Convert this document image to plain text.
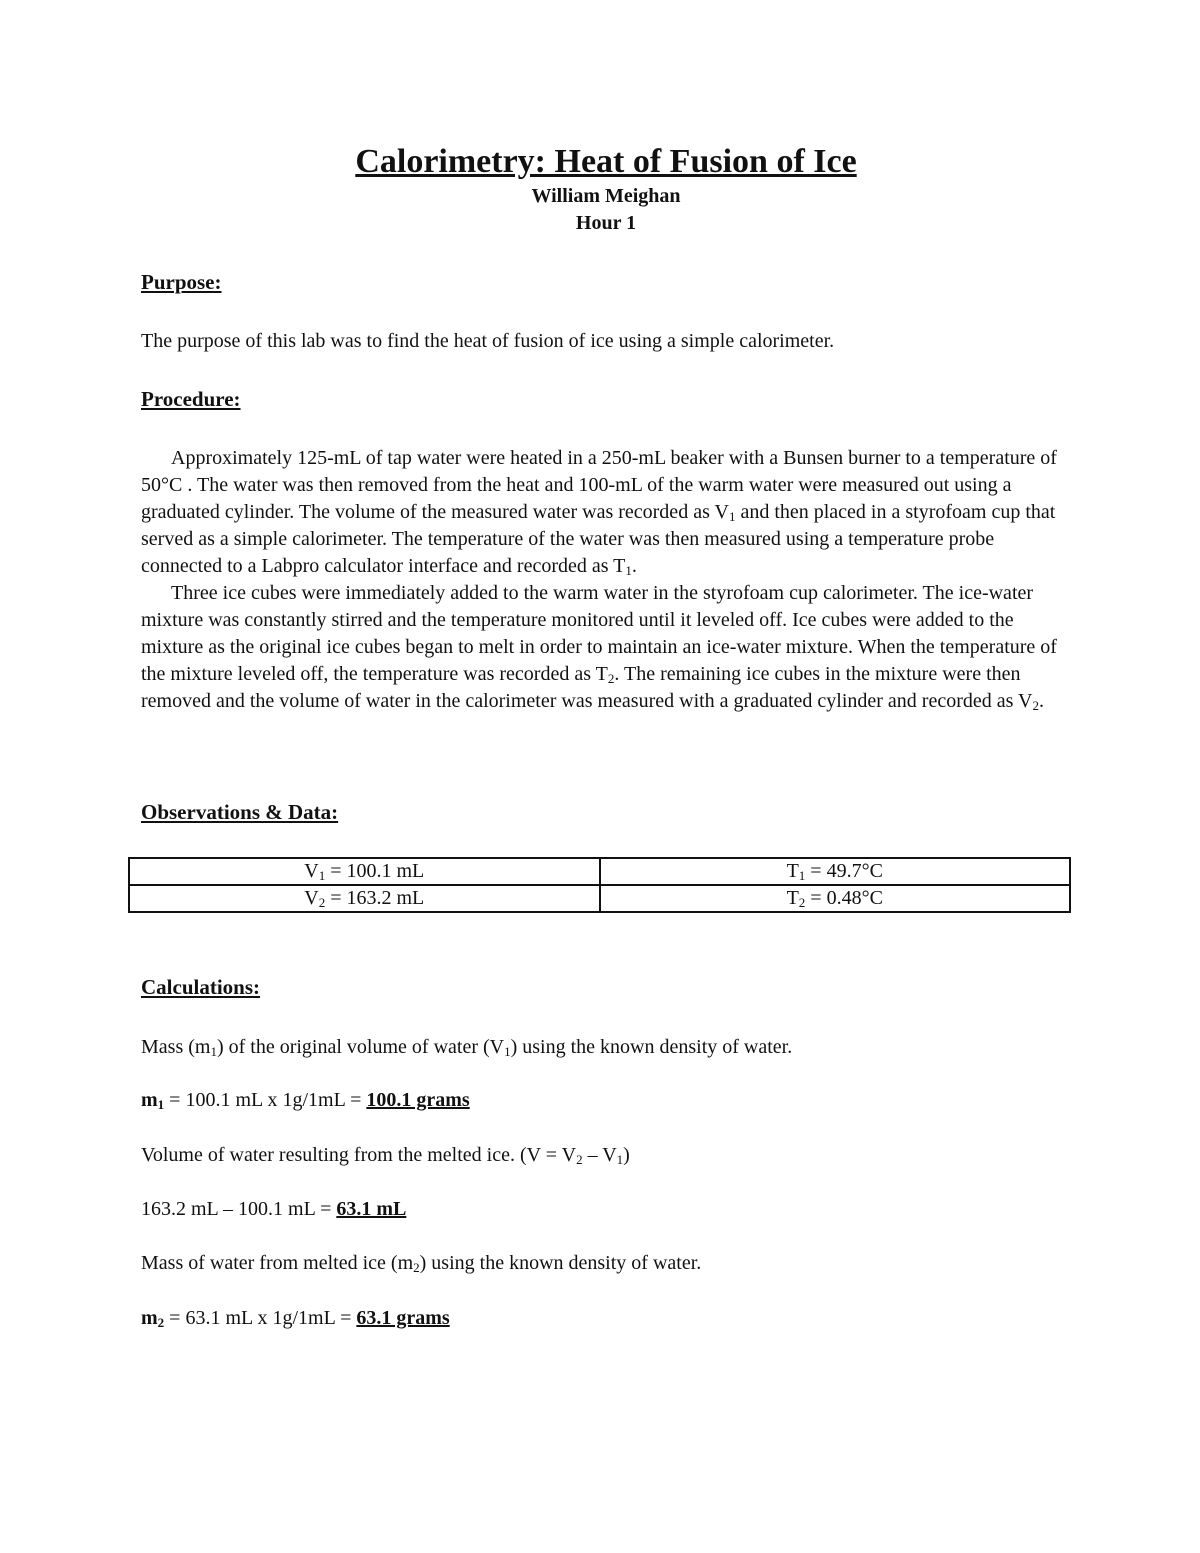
Calorimetry: Heat of Fusion of Ice
William Meighan
Hour 1
Purpose:

The purpose of this lab was to find the heat of fusion of ice using a simple calorimeter.

Procedure:

Approximately 125-mL of tap water were heated in a 250-mL beaker with a Bunsen burner to a temperature of 50°C . The water was then removed from the heat and 100-mL of the warm water were measured out using a graduated cylinder. The volume of the measured water was recorded as $V_1$ and then placed in a styrofoam cup that served as a simple calorimeter. The temperature of the water was then measured using a temperature probe connected to a Labpro calculator interface and recorded as $T_1$.
Three ice cubes were immediately added to the warm water in the styrofoam cup calorimeter. The ice-water mixture was constantly stirred and the temperature monitored until it leveled off. Ice cubes were added to the mixture as the original ice cubes began to melt in order to maintain an ice-water mixture. When the temperature of the mixture leveled off, the temperature was recorded as $T_2$. The remaining ice cubes in the mixture were then removed and the volume of water in the calorimeter was measured with a graduated cylinder and recorded as $V_2$.

Observations & Data:
$V_1 = 100.1$ mL	$T_1 = 49.7^\circ C$
$V_2 = 163.2$ mL	$T_2 = 0.48^\circ C$
Calculations:

Mass $(m_1)$ of the original volume of water $(V_1)$ using the known density of water.

$m_1 = 100.1$ mL x 1g/1mL = 100.1 grams

Volume of water resulting from the melted ice. $(V = V_2 - V_1)$

163.2 mL – 100.1 mL = 63.1 mL

Mass of water from melted ice $(m_2)$ using the known density of water.

$m_2 = 63.1$ mL x 1g/1mL = 63.1 grams
